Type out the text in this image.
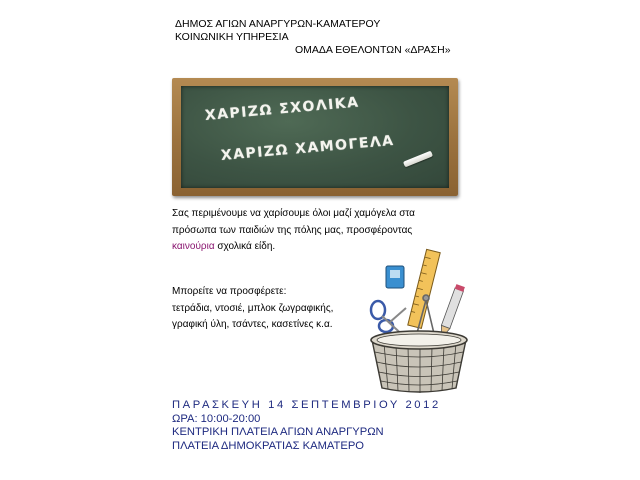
ΔΗΜΟΣ ΑΓΙΩΝ ΑΝΑΡΓΥΡΩΝ-ΚΑΜΑΤΕΡΟΥ
ΚΟΙΝΩΝΙΚΗ ΥΠΗΡΕΣΙΑ
ΟΜΑΔΑ ΕΘΕΛΟΝΤΩΝ «ΔΡΑΣΗ»
ΧΑΡΙΖΩ ΣΧΟΛΙΚΑ
ΧΑΡΙΖΩ ΧΑΜΟΓΕΛΑ
Σας περιμένουμε να χαρίσουμε όλοι μαζί χαμόγελα στα
πρόσωπα των παιδιών της πόλης μας, προσφέροντας
καινούρια σχολικά είδη.
Μπορείτε να προσφέρετε:
τετράδια, ντοσιέ, μπλοκ ζωγραφικής,
γραφική ύλη, τσάντες, κασετίνες κ.α.
ΠΑΡΑΣΚΕΥΗ 14 ΣΕΠΤΕΜΒΡΙΟΥ 2012
ΩΡΑ: 10:00-20:00
ΚΕΝΤΡΙΚΗ ΠΛΑΤΕΙΑ ΑΓΙΩΝ ΑΝΑΡΓΥΡΩΝ
ΠΛΑΤΕΙΑ ΔΗΜΟΚΡΑΤΙΑΣ ΚΑΜΑΤΕΡΟ
